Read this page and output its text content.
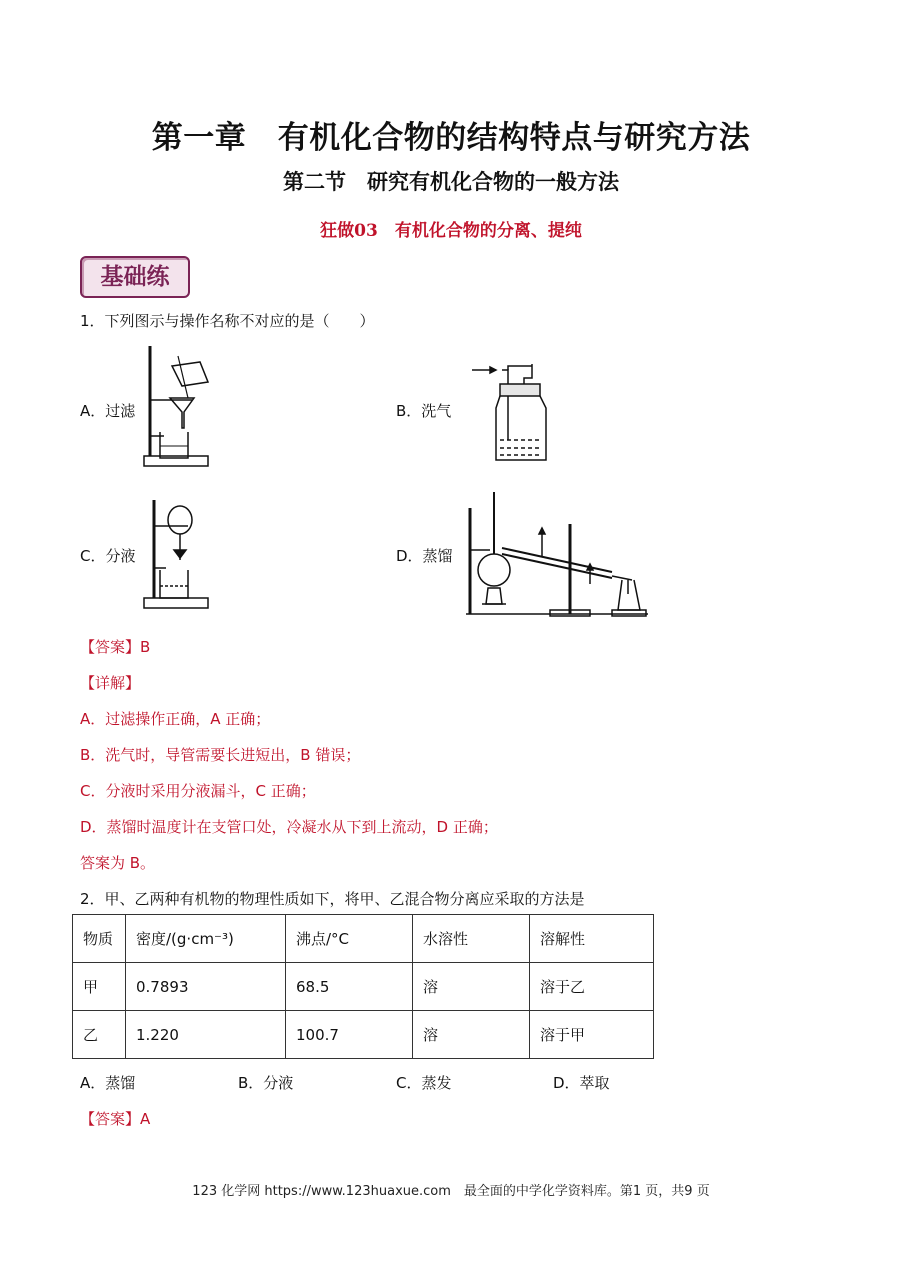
第一章　有机化合物的结构特点与研究方法
第二节　研究有机化合物的一般方法
狂做03　有机化合物的分离、提纯
基础练
1．下列图示与操作名称不对应的是（　　）
A．过滤	B．洗气
C．分液	D．蒸馏
【答案】B
【详解】
A．过滤操作正确，A 正确；
B．洗气时，导管需要长进短出，B 错误；
C．分液时采用分液漏斗，C 正确；
D．蒸馏时温度计在支管口处，冷凝水从下到上流动，D 正确；
答案为 B。
2．甲、乙两种有机物的物理性质如下，将甲、乙混合物分离应采取的方法是
物质	密度/(g·cm⁻³)	沸点/°C	水溶性	溶解性
甲	0.7893	68.5	溶	溶于乙
乙	1.220	100.7	溶	溶于甲
A．蒸馏	B．分液	C．蒸发	D．萃取
【答案】A
123 化学网 https://www.123huaxue.com　最全面的中学化学资料库。第1 页，共9 页
